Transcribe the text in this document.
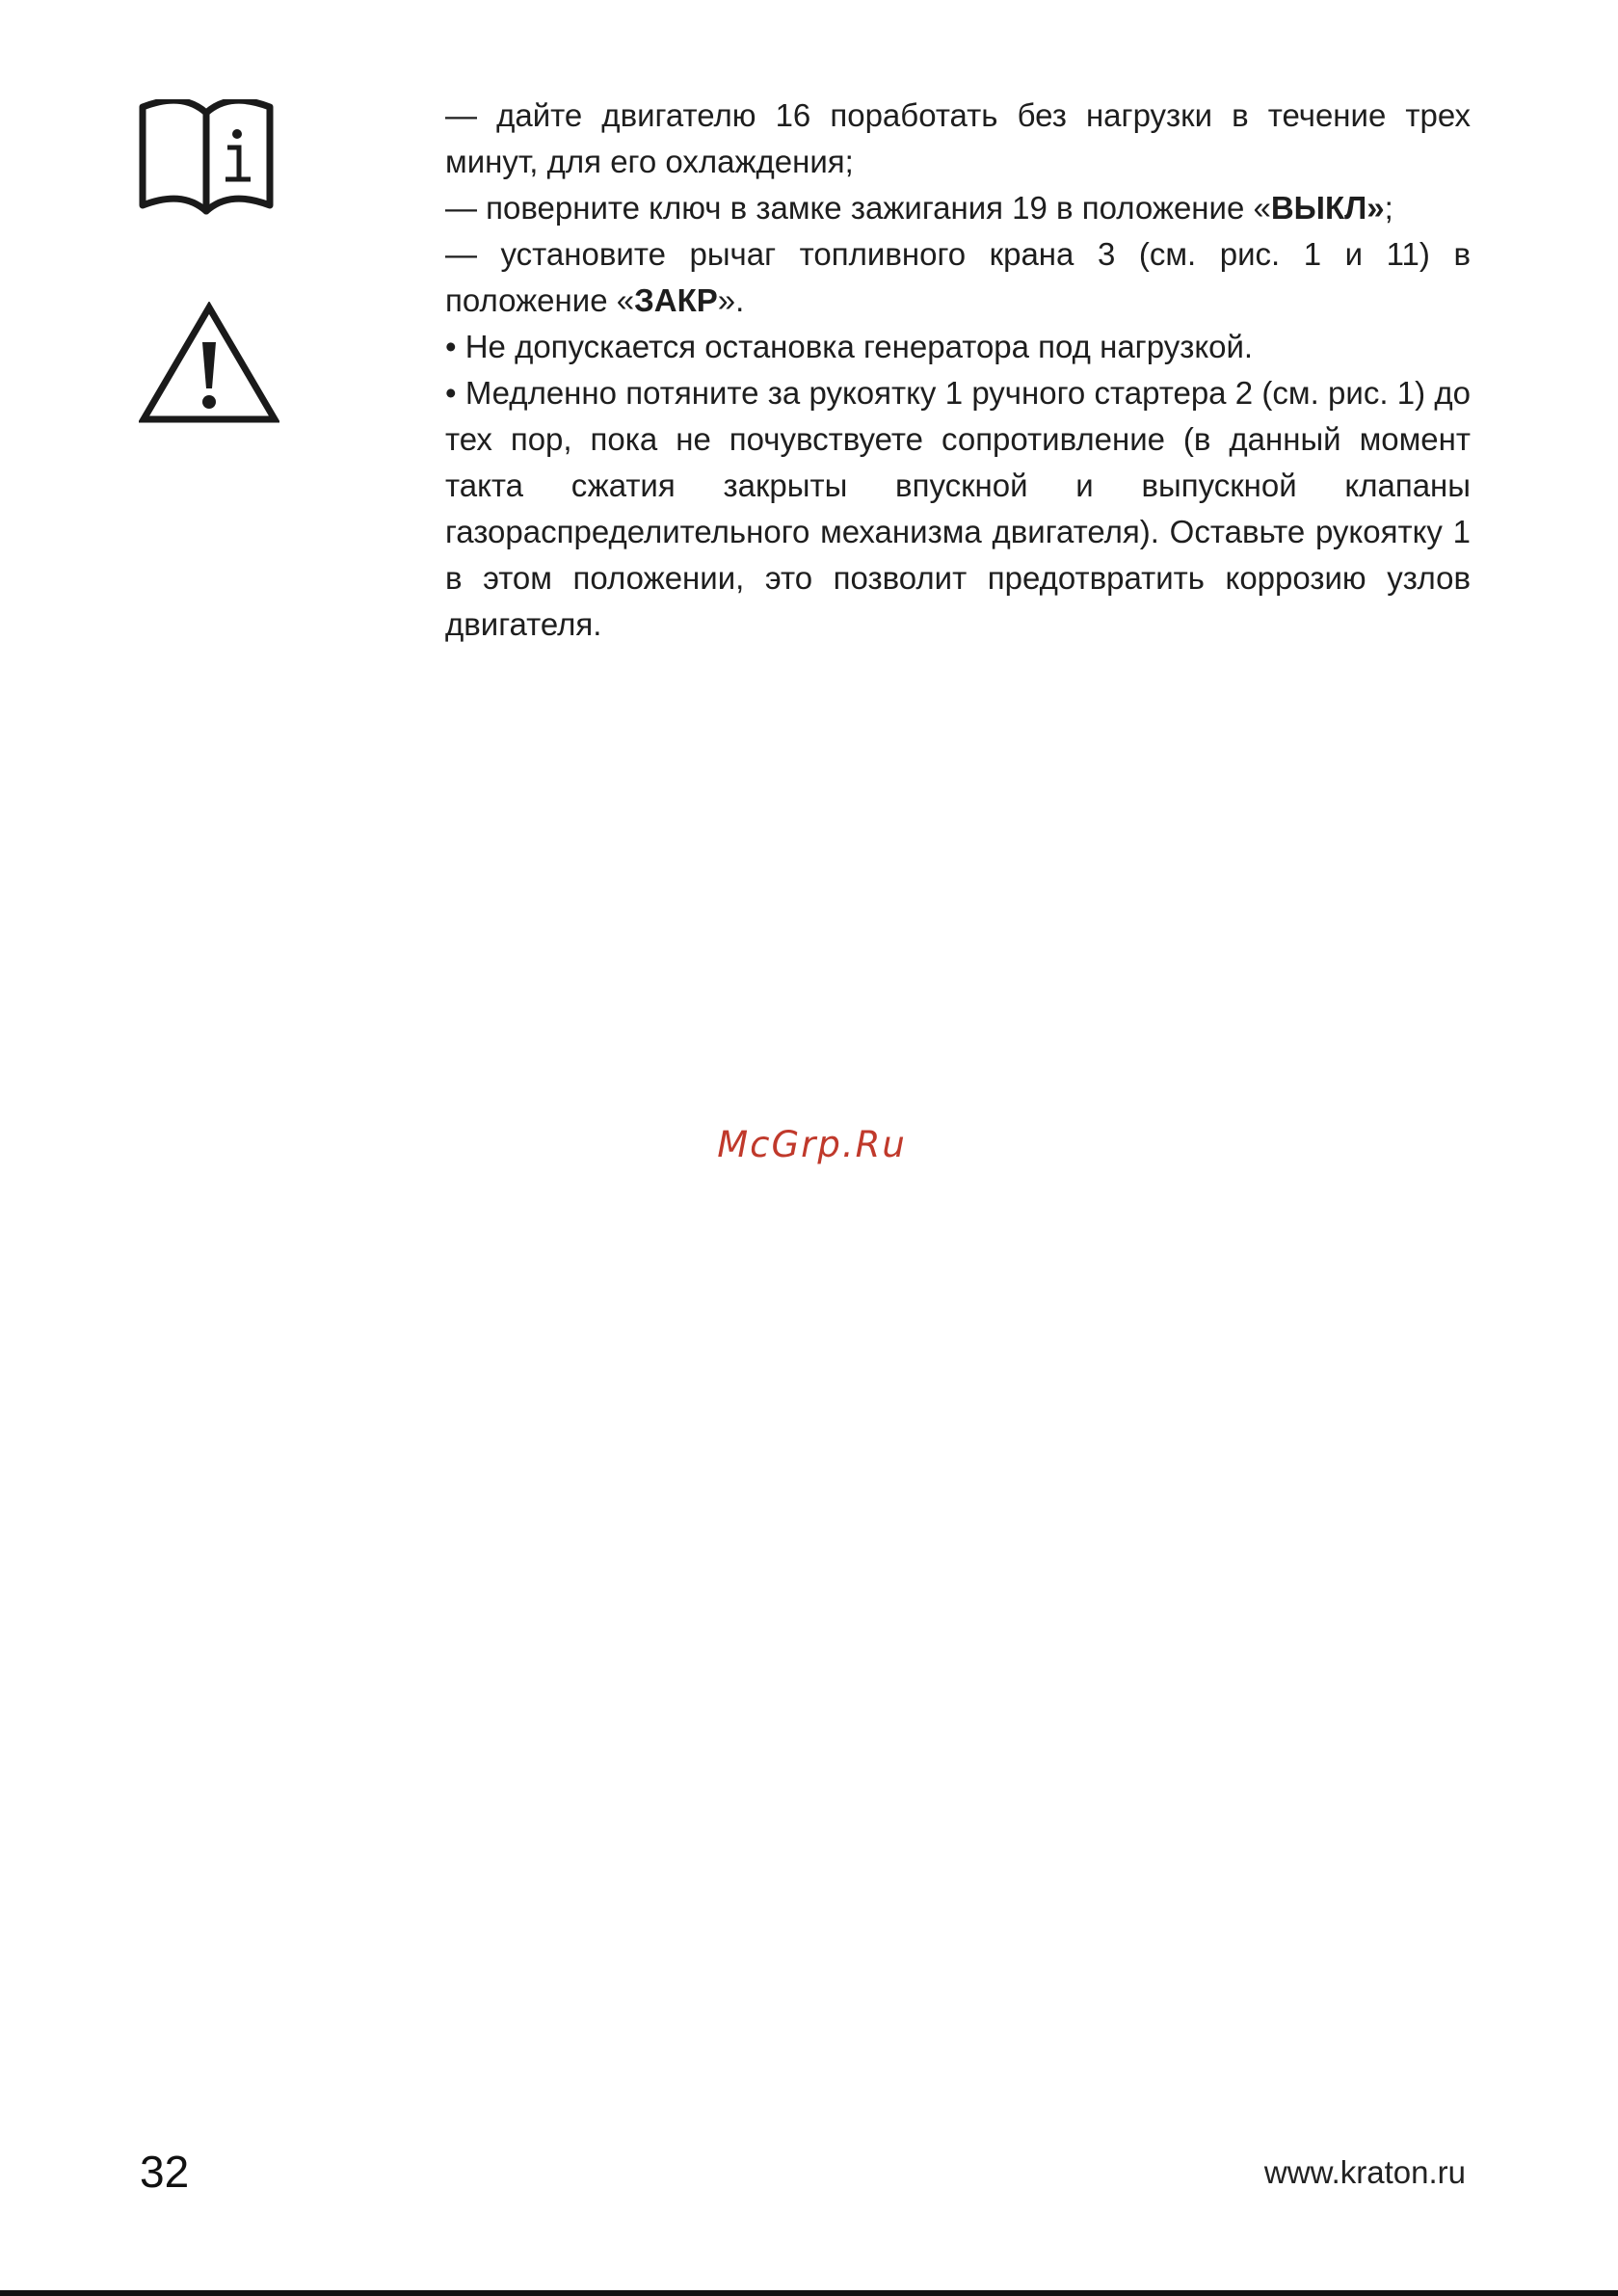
— дайте двигателю 16 поработать без нагрузки в течение трех минут, для его охлаждения;

— поверните ключ в замке зажигания 19 в положение «ВЫКЛ»;

— установите рычаг топливного крана 3 (см. рис. 1 и 11) в положение «ЗАКР».

• Не допускается остановка генератора под нагрузкой.

• Медленно потяните за рукоятку 1 ручного стартера 2 (см. рис. 1) до тех пор, пока не почувствуете сопротивление (в данный момент такта сжатия закрыты впускной и выпускной клапаны газораспределительного механизма двигателя). Оставьте рукоятку 1 в этом положении, это позволит предотвратить коррозию узлов двигателя.

McGrp.Ru
32	www.kraton.ru
